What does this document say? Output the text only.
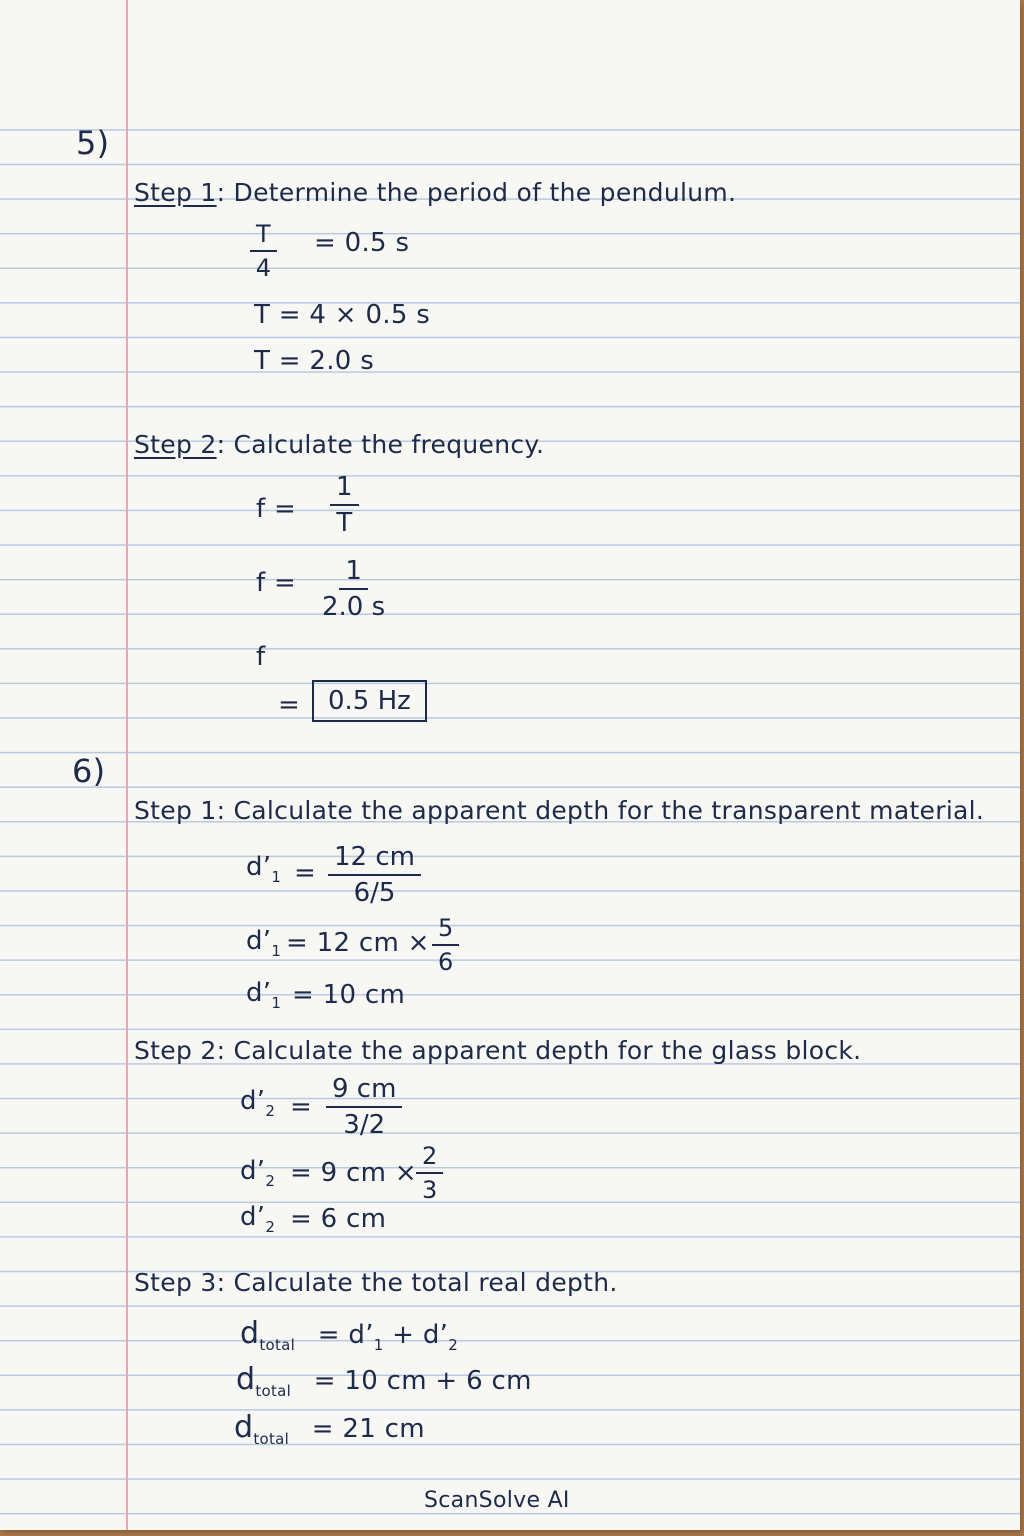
5)
Step 1: Determine the period of the pendulum.
$\frac{T}{4} = 0.5$ s
T = 4 × 0.5 s
T = 2.0 s
Step 2: Calculate the frequency.
$f = \frac{1}{T}$
$f = \frac{1}{2.0 s}$
f
=	0.5 Hz
6)
Step 1: Calculate the apparent depth for the transparent material.
$d’_1 = \frac{12 cm}{6/5}$
$d’_1 = 12$ cm × $\frac{5}{6}$
$d’_1 = 10$ cm
Step 2: Calculate the apparent depth for the glass block.
$d’_2 = \frac{9 cm}{3/2}$
$d’_2 = 9$ cm × $\frac{2}{3}$
$d’_2 = 6$ cm
Step 3: Calculate the total real depth.
$d_{total}$ = $d’_1$ + $d’_2$
$d_{total} = 10$ cm + 6 cm
$d_{total} = 21$ cm
ScanSolve AI
